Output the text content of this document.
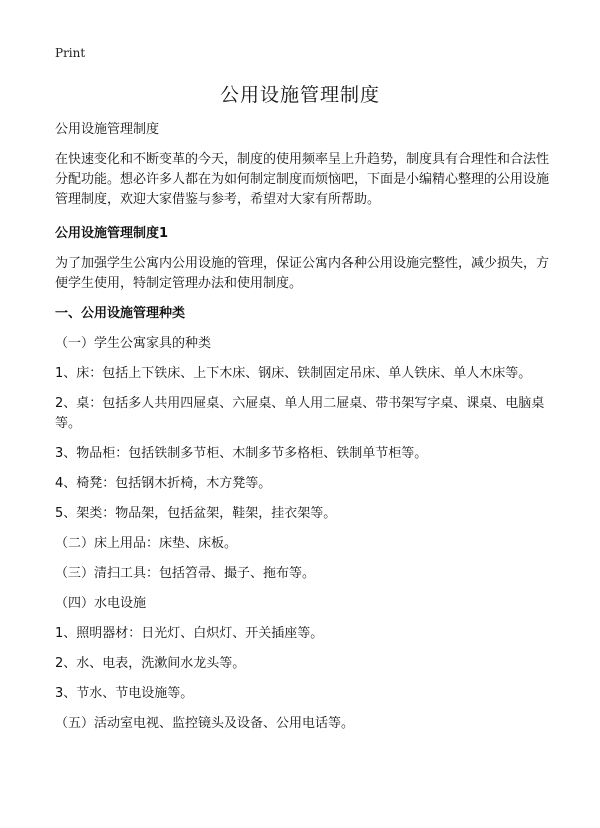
Print
公用设施管理制度

公用设施管理制度

在快速变化和不断变革的今天，制度的使用频率呈上升趋势，制度具有合理性和合法性分配功能。想必许多人都在为如何制定制度而烦恼吧，下面是小编精心整理的公用设施管理制度，欢迎大家借鉴与参考，希望对大家有所帮助。

公用设施管理制度1

为了加强学生公寓内公用设施的管理，保证公寓内各种公用设施完整性，减少损失，方便学生使用，特制定管理办法和使用制度。

一、公用设施管理种类

（一）学生公寓家具的种类

1、床：包括上下铁床、上下木床、钢床、铁制固定吊床、单人铁床、单人木床等。

2、桌：包括多人共用四屉桌、六屉桌、单人用二屉桌、带书架写字桌、课桌、电脑桌等。

3、物品柜：包括铁制多节柜、木制多节多格柜、铁制单节柜等。

4、椅凳：包括钢木折椅，木方凳等。

5、架类：物品架，包括盆架，鞋架，挂衣架等。

（二）床上用品：床垫、床板。

（三）清扫工具：包括笤帚、撮子、拖布等。

（四）水电设施

1、照明器材：日光灯、白炽灯、开关插座等。

2、水、电表，洗漱间水龙头等。

3、节水、节电设施等。

（五）活动室电视、监控镜头及设备、公用电话等。
